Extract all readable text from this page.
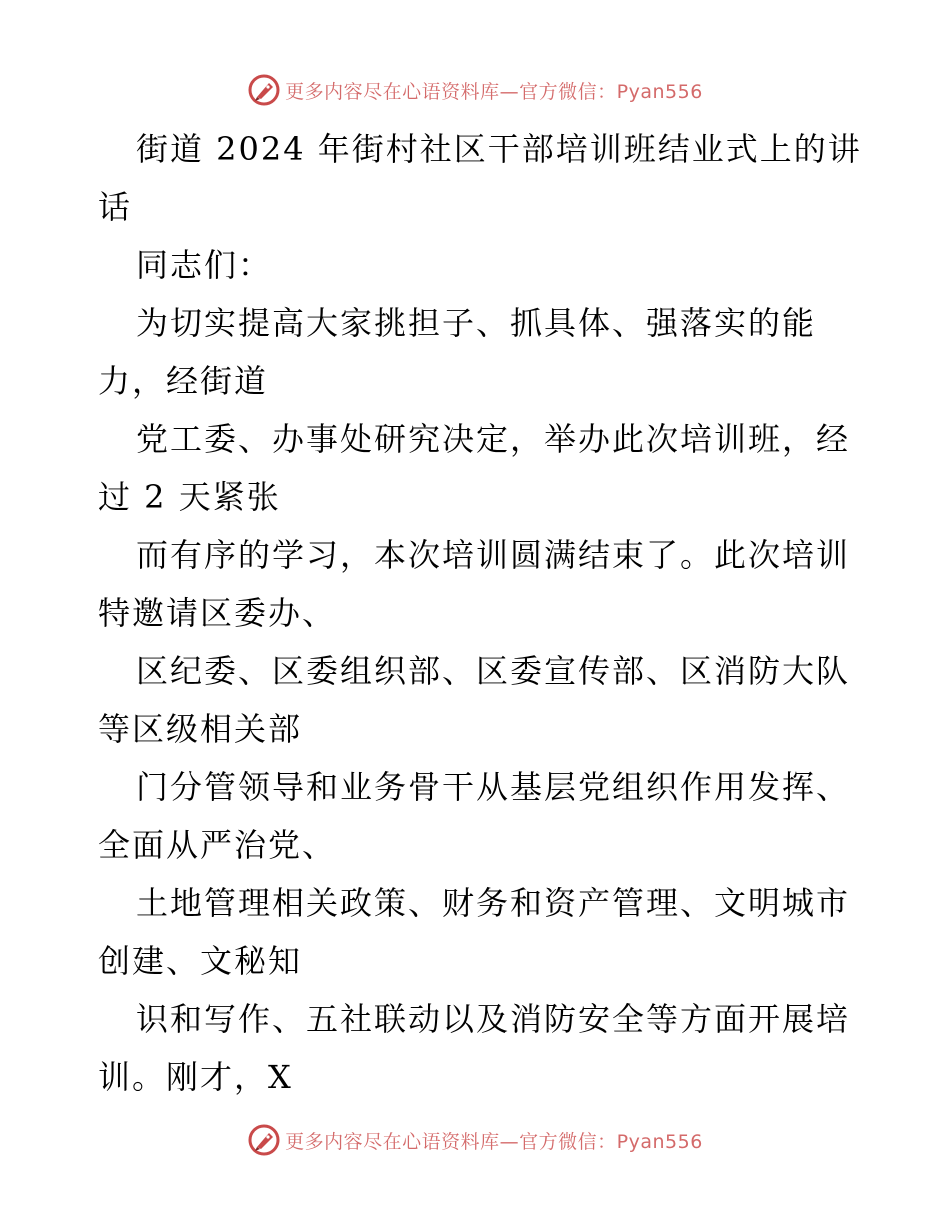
更多内容尽在心语资料库—官方微信：Pyan556
街道 2024 年街村社区干部培训班结业式上的讲
话
同志们：
为切实提高大家挑担子、抓具体、强落实的能
力，经街道
党工委、办事处研究决定，举办此次培训班，经
过 2 天紧张
而有序的学习，本次培训圆满结束了。此次培训
特邀请区委办、
区纪委、区委组织部、区委宣传部、区消防大队
等区级相关部
门分管领导和业务骨干从基层党组织作用发挥、
全面从严治党、
土地管理相关政策、财务和资产管理、文明城市
创建、文秘知
识和写作、五社联动以及消防安全等方面开展培
训。刚才，X
更多内容尽在心语资料库—官方微信：Pyan556
